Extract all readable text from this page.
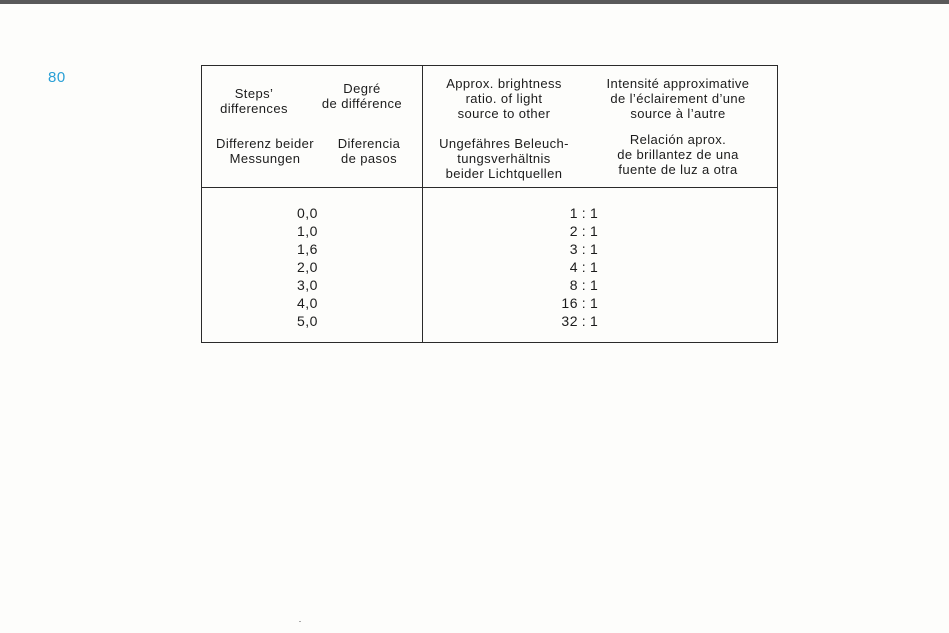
80
Steps’
differences
Degré
de différence
Differenz beider
Messungen
Diferencia
de pasos
Approx. brightness
ratio. of light
source to other
Intensité approximative
de l’éclairement d’une
source à l’autre
Ungefähres Beleuch-
tungsverhältnis
beider Lichtquellen
Relación aprox.
de brillantez de una
fuente de luz a otra
0,0
1,0
1,6
2,0
3,0
4,0
5,0
1 : 1
2 : 1
3 : 1
4 : 1
8 : 1
16 : 1
32 : 1
